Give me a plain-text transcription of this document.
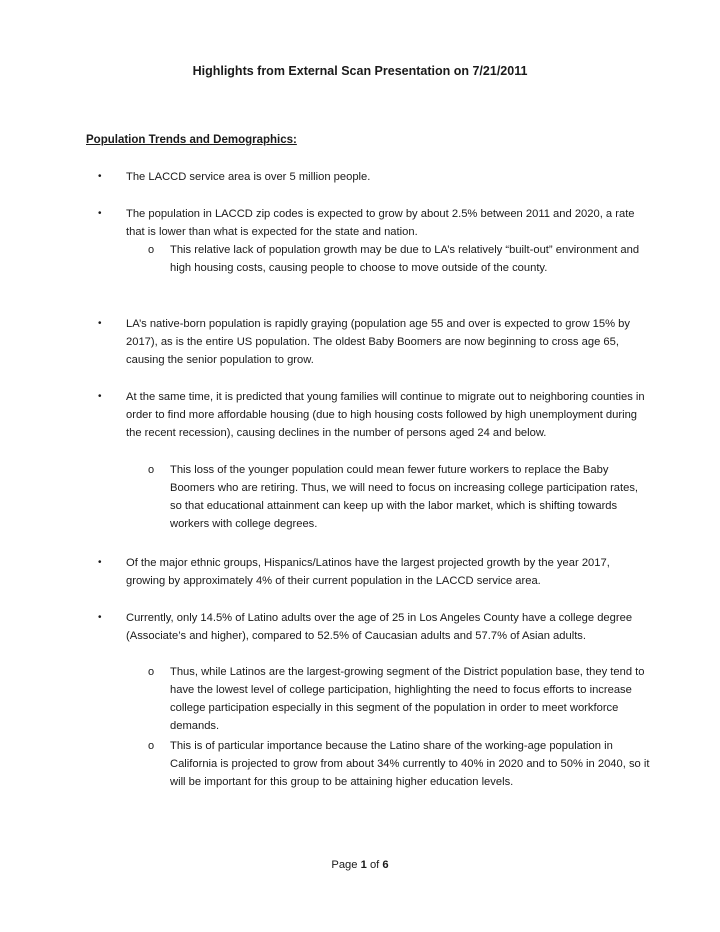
Highlights from External Scan Presentation on 7/21/2011
Population Trends and Demographics:
• The LACCD service area is over 5 million people.
• The population in LACCD zip codes is expected to grow by about 2.5% between 2011 and 2020, a rate that is lower than what is expected for the state and nation.
o This relative lack of population growth may be due to LA’s relatively “built-out” environment and high housing costs, causing people to choose to move outside of the county.
• LA’s native-born population is rapidly graying (population age 55 and over is expected to grow 15% by 2017), as is the entire US population. The oldest Baby Boomers are now beginning to cross age 65, causing the senior population to grow.
• At the same time, it is predicted that young families will continue to migrate out to neighboring counties in order to find more affordable housing (due to high housing costs followed by high unemployment during the recent recession), causing declines in the number of persons aged 24 and below.
o This loss of the younger population could mean fewer future workers to replace the Baby Boomers who are retiring. Thus, we will need to focus on increasing college participation rates, so that educational attainment can keep up with the labor market, which is shifting towards workers with college degrees.
• Of the major ethnic groups, Hispanics/Latinos have the largest projected growth by the year 2017, growing by approximately 4% of their current population in the LACCD service area.
• Currently, only 14.5% of Latino adults over the age of 25 in Los Angeles County have a college degree (Associate’s and higher), compared to 52.5% of Caucasian adults and 57.7% of Asian adults.
o Thus, while Latinos are the largest-growing segment of the District population base, they tend to have the lowest level of college participation, highlighting the need to focus efforts to increase college participation especially in this segment of the population in order to meet workforce demands.
o This is of particular importance because the Latino share of the working-age population in California is projected to grow from about 34% currently to 40% in 2020 and to 50% in 2040, so it will be important for this group to be attaining higher education levels.
Page 1 of 6
